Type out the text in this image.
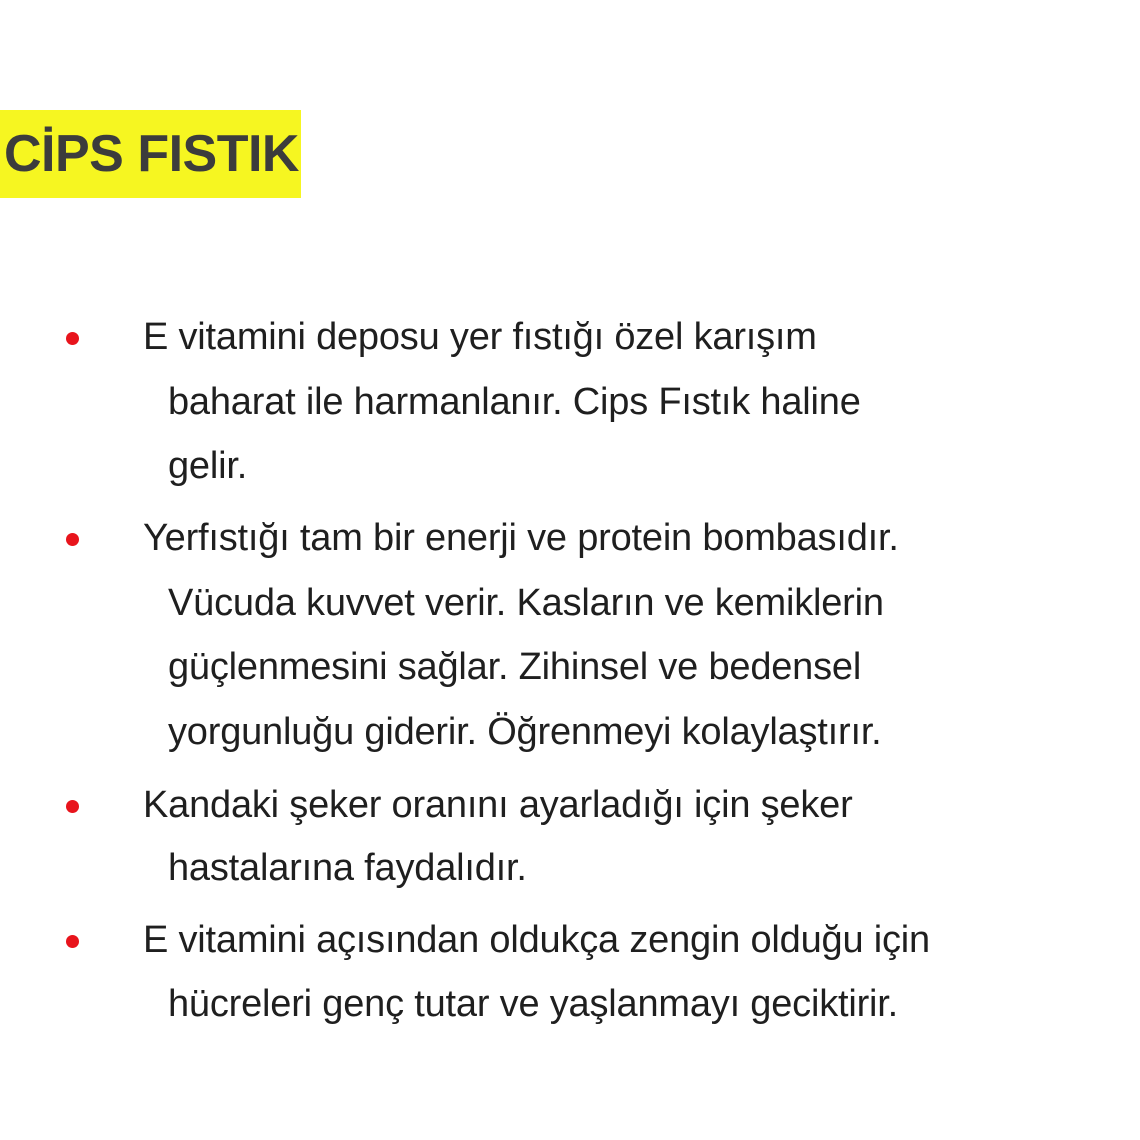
CİPS FISTIK
E vitamini deposu yer fıstığı özel karışım
baharat ile harmanlanır. Cips Fıstık haline
gelir.
Yerfıstığı tam bir enerji ve protein bombasıdır.
Vücuda kuvvet verir. Kasların ve kemiklerin
güçlenmesini sağlar. Zihinsel ve bedensel
yorgunluğu giderir. Öğrenmeyi kolaylaştırır.
Kandaki şeker oranını ayarladığı için şeker
hastalarına faydalıdır.
E vitamini açısından oldukça zengin olduğu için
hücreleri genç tutar ve yaşlanmayı geciktirir.
